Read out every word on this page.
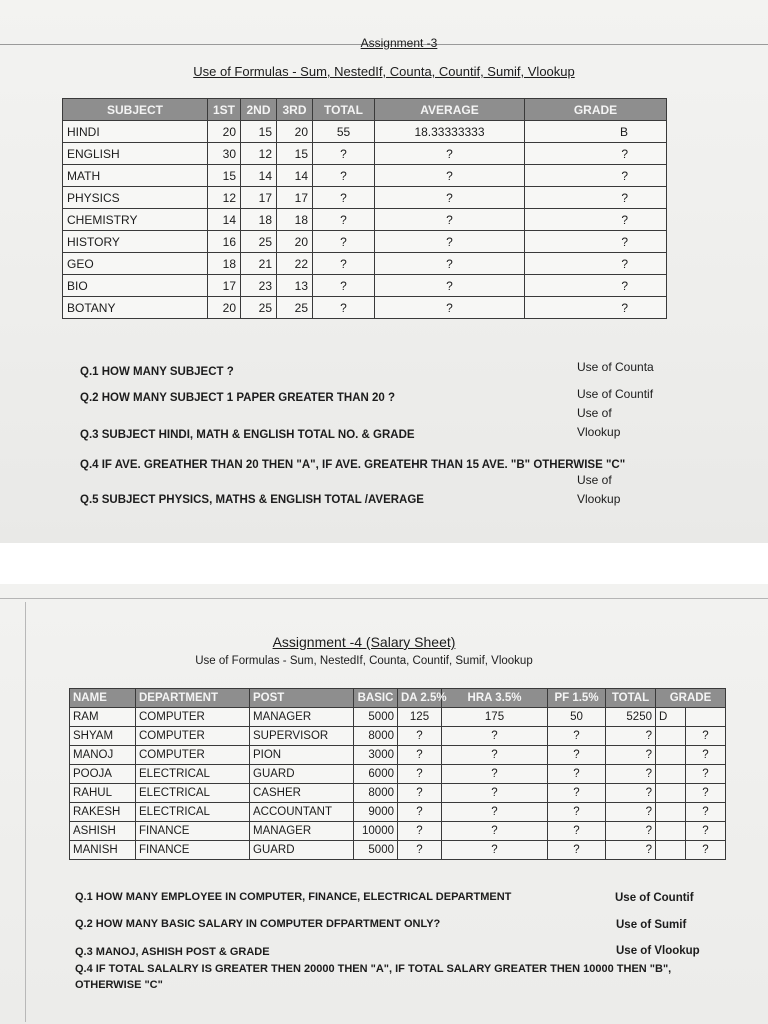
Assignment -3
Use of Formulas - Sum, NestedIf, Counta, Countif, Sumif, Vlookup
SUBJECT	1ST	2ND	3RD	TOTAL	AVERAGE	GRADE
HINDI	20	15	20	55	18.33333333	B
ENGLISH	30	12	15	?	?	?
MATH	15	14	14	?	?	?
PHYSICS	12	17	17	?	?	?
CHEMISTRY	14	18	18	?	?	?
HISTORY	16	25	20	?	?	?
GEO	18	21	22	?	?	?
BIO	17	23	13	?	?	?
BOTANY	20	25	25	?	?	?
Q.1 HOW MANY SUBJECT ?
Q.2 HOW MANY SUBJECT 1 PAPER GREATER THAN 20 ?
Q.3 SUBJECT HINDI, MATH & ENGLISH TOTAL NO. & GRADE
Q.4 IF AVE. GREATHER THAN 20 THEN "A", IF AVE. GREATEHR THAN 15 AVE. "B" OTHERWISE "C"
Q.5 SUBJECT PHYSICS, MATHS & ENGLISH TOTAL /AVERAGE
Use of Counta
Use of Countif
Use of
Vlookup
Use of
Vlookup
Assignment -4 (Salary Sheet)
Use of Formulas - Sum, NestedIf, Counta, Countif, Sumif, Vlookup
NAME	DEPARTMENT	POST	BASIC	DA 2.5%	HRA 3.5%	PF 1.5%	TOTAL	GRADE	
RAM	COMPUTER	MANAGER	5000	125	175	50	5250	D	
SHYAM	COMPUTER	SUPERVISOR	8000	?	?	?	?		?
MANOJ	COMPUTER	PION	3000	?	?	?	?		?
POOJA	ELECTRICAL	GUARD	6000	?	?	?	?		?
RAHUL	ELECTRICAL	CASHER	8000	?	?	?	?		?
RAKESH	ELECTRICAL	ACCOUNTANT	9000	?	?	?	?		?
ASHISH	FINANCE	MANAGER	10000	?	?	?	?		?
MANISH	FINANCE	GUARD	5000	?	?	?	?		?
Q.1 HOW MANY EMPLOYEE IN COMPUTER, FINANCE, ELECTRICAL DEPARTMENT
Q.2 HOW MANY BASIC SALARY IN COMPUTER DFPARTMENT ONLY?
Q.3 MANOJ, ASHISH POST & GRADE
Q.4 IF TOTAL SALALRY IS GREATER THEN 20000 THEN "A", IF TOTAL SALARY GREATER THEN 10000 THEN "B", OTHERWISE "C"
Use of Countif
Use of Sumif
Use of Vlookup
